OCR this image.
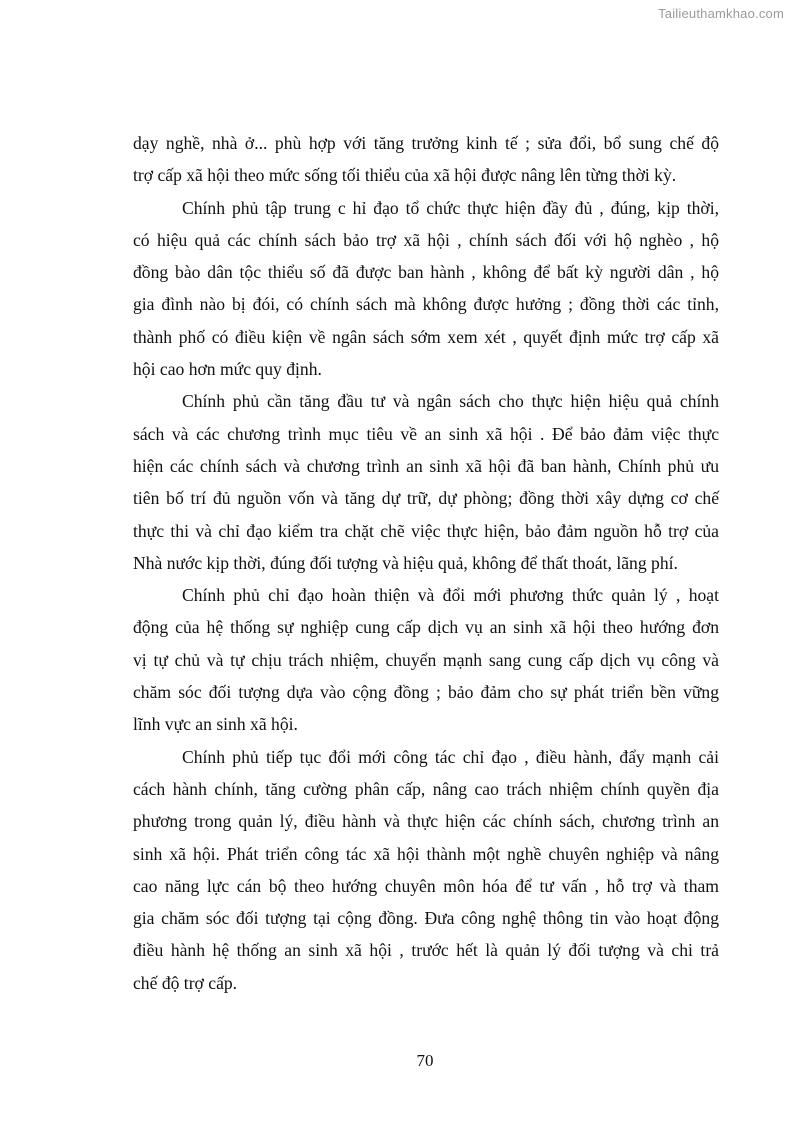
Tailieuthamkhao.com
dạy nghề, nhà ở... phù hợp với tăng trưởng kinh tế ; sửa đổi, bổ sung chế độ
trợ cấp xã hội theo mức sống tối thiểu của xã hội được nâng lên từng thời kỳ.
Chính phủ tập trung c hỉ đạo tổ chức thực hiện đầy đủ , đúng, kịp thời,
có hiệu quả các chính sách bảo trợ xã hội , chính sách đối với hộ nghèo , hộ
đồng bào dân tộc thiểu số đã được ban hành , không để bất kỳ người dân , hộ
gia đình nào bị đói, có chính sách mà không được hưởng ; đồng thời các tỉnh,
thành phố có điều kiện về ngân sách sớm xem xét , quyết định mức trợ cấp xã
hội cao hơn mức quy định.
Chính phủ cần tăng đầu tư và ngân sách cho thực hiện hiệu quả chính
sách và các chương trình mục tiêu về an sinh xã hội . Để bảo đảm việc thực
hiện các chính sách và chương trình an sinh xã hội đã ban hành, Chính phủ ưu
tiên bố trí đủ nguồn vốn và tăng dự trữ, dự phòng; đồng thời xây dựng cơ chế
thực thi và chỉ đạo kiểm tra chặt chẽ việc thực hiện, bảo đảm nguồn hỗ trợ của
Nhà nước kịp thời, đúng đối tượng và hiệu quả, không để thất thoát, lãng phí.
Chính phủ chỉ đạo hoàn thiện và đổi mới phương thức quản lý , hoạt
động của hệ thống sự nghiệp cung cấp dịch vụ an sinh xã hội theo hướng đơn
vị tự chủ và tự chịu trách nhiệm, chuyển mạnh sang cung cấp dịch vụ công và
chăm sóc đối tượng dựa vào cộng đồng ; bảo đảm cho sự phát triển bền vững
lĩnh vực an sinh xã hội.
Chính phủ tiếp tục đổi mới công tác chỉ đạo , điều hành, đẩy mạnh cải
cách hành chính, tăng cường phân cấp, nâng cao trách nhiệm chính quyền địa
phương trong quản lý, điều hành và thực hiện các chính sách, chương trình an
sinh xã hội. Phát triển công tác xã hội thành một nghề chuyên nghiệp và nâng
cao năng lực cán bộ theo hướng chuyên môn hóa để tư vấn , hỗ trợ và tham
gia chăm sóc đối tượng tại cộng đồng. Đưa công nghệ thông tin vào hoạt động
điều hành hệ thống an sinh xã hội , trước hết là quản lý đối tượng và chi trả
chế độ trợ cấp.
70
